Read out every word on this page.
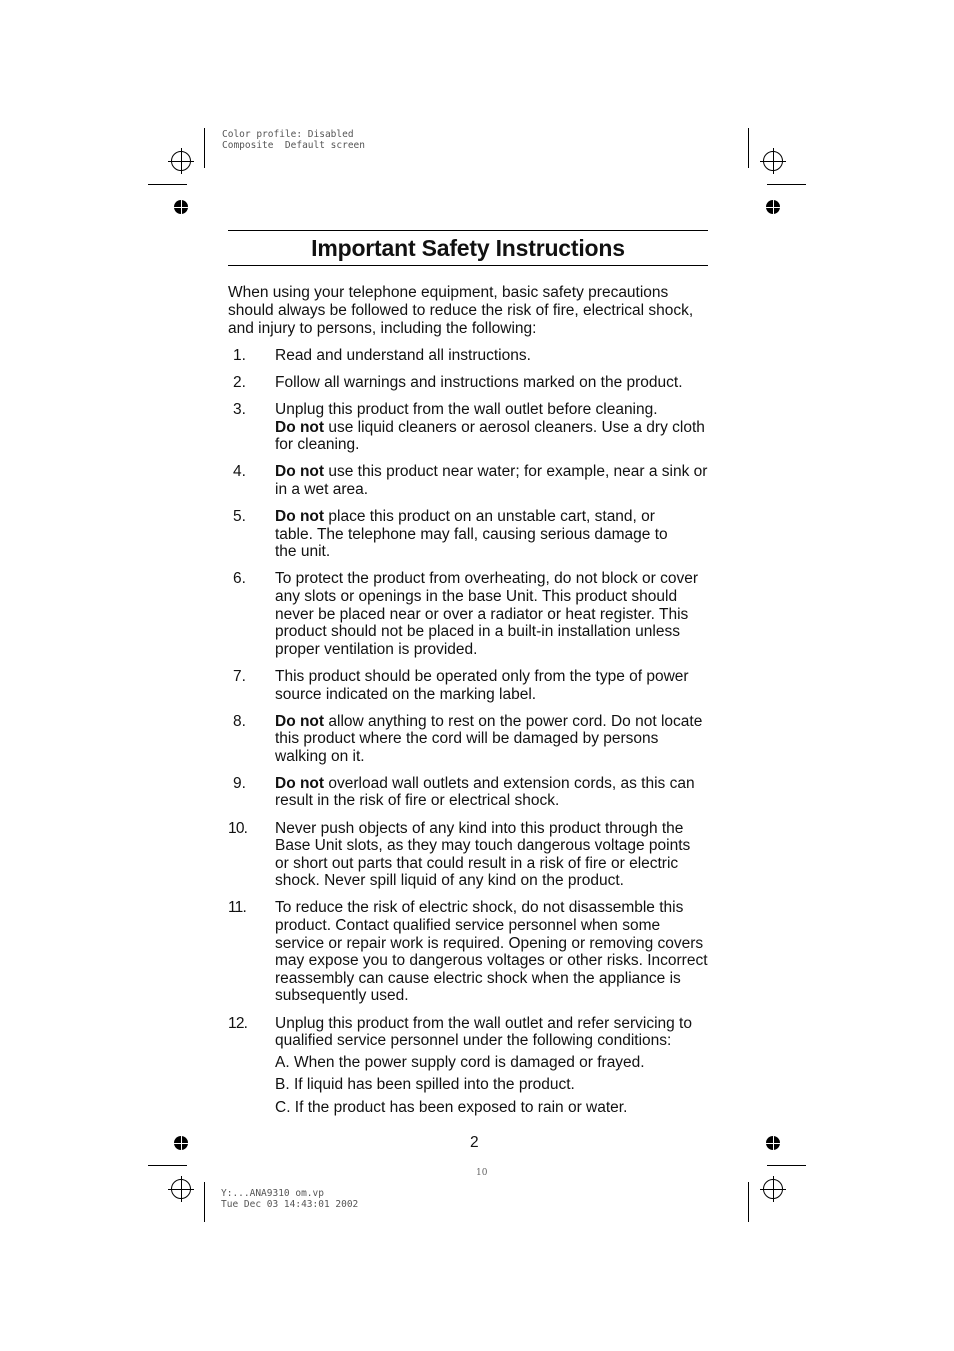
Color profile: Disabled
Composite  Default screen
10
Y:...ANA9310 om.vp
Tue Dec 03 14:43:01 2002
Important Safety Instructions
When using your telephone equipment, basic safety precautions should always be followed to reduce the risk of fire, electrical shock, and injury to persons, including the following:
1.	Read and understand all instructions.
2.	Follow all warnings and instructions marked on the product.
3.	Unplug this product from the wall outlet before cleaning.
Do not use liquid cleaners or aerosol cleaners. Use a dry cloth for cleaning.
4.	Do not use this product near water; for example, near a sink or in a wet area.
5.	Do not place this product on an unstable cart, stand, or table. The telephone may fall, causing serious damage to the unit.
6.	To protect the product from overheating, do not block or cover any slots or openings in the base Unit. This product should never be placed near or over a radiator or heat register. This product should not be placed in a built-in installation unless proper ventilation is provided.
7.	This product should be operated only from the type of power source indicated on the marking label.
8.	Do not allow anything to rest on the power cord. Do not locate this product where the cord will be damaged by persons walking on it.
9.	Do not overload wall outlets and extension cords, as this can result in the risk of fire or electrical shock.
10.	Never push objects of any kind into this product through the Base Unit slots, as they may touch dangerous voltage points or short out parts that could result in a risk of fire or electric shock. Never spill liquid of any kind on the product.
11.	To reduce the risk of electric shock, do not disassemble this product. Contact qualified service personnel when some service or repair work is required. Opening or removing covers may expose you to dangerous voltages or other risks. Incorrect reassembly can cause electric shock when the appliance is subsequently used.
12.	Unplug this product from the wall outlet and refer servicing to qualified service personnel under the following conditions:
A. When the power supply cord is damaged or frayed.
B. If liquid has been spilled into the product.
C. If the product has been exposed to rain or water.
2
